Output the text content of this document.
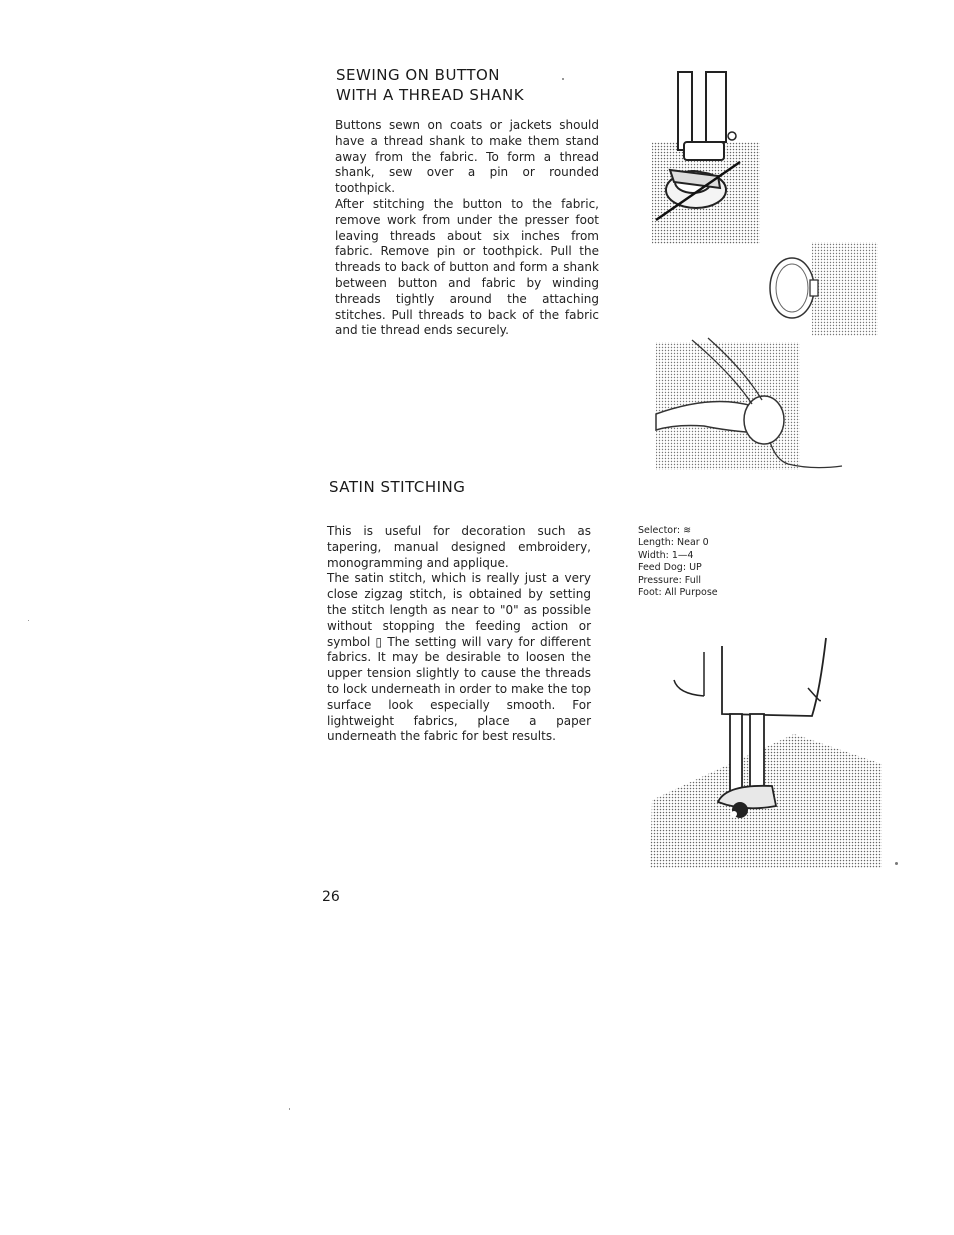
SEWING ON BUTTON
WITH A THREAD SHANK

Buttons sewn on coats or jackets should have a thread shank to make them stand away from the fabric. To form a thread shank, sew over a pin or rounded toothpick.

After stitching the button to the fabric, remove work from under the presser foot leaving threads about six inches from fabric. Remove pin or toothpick. Pull the threads to back of button and form a shank between button and fabric by winding threads tightly around the attaching stitches. Pull threads to back of the fabric and tie thread ends securely.

SATIN STITCHING

This is useful for decoration such as tapering, manual designed embroidery, monogramming and applique.

The satin stitch, which is really just a very close zigzag stitch, is obtained by setting the stitch length as near to "0" as possible without stopping the feeding action or symbol ▯ The setting will vary for different fabrics. It may be desirable to loosen the upper tension slightly to cause the threads to lock underneath in order to make the top surface look especially smooth. For lightweight fabrics, place a paper underneath the fabric for best results.

Selector: ≋
Length: Near 0
Width: 1—4
Feed Dog: UP
Pressure: Full
Foot: All Purpose
26
